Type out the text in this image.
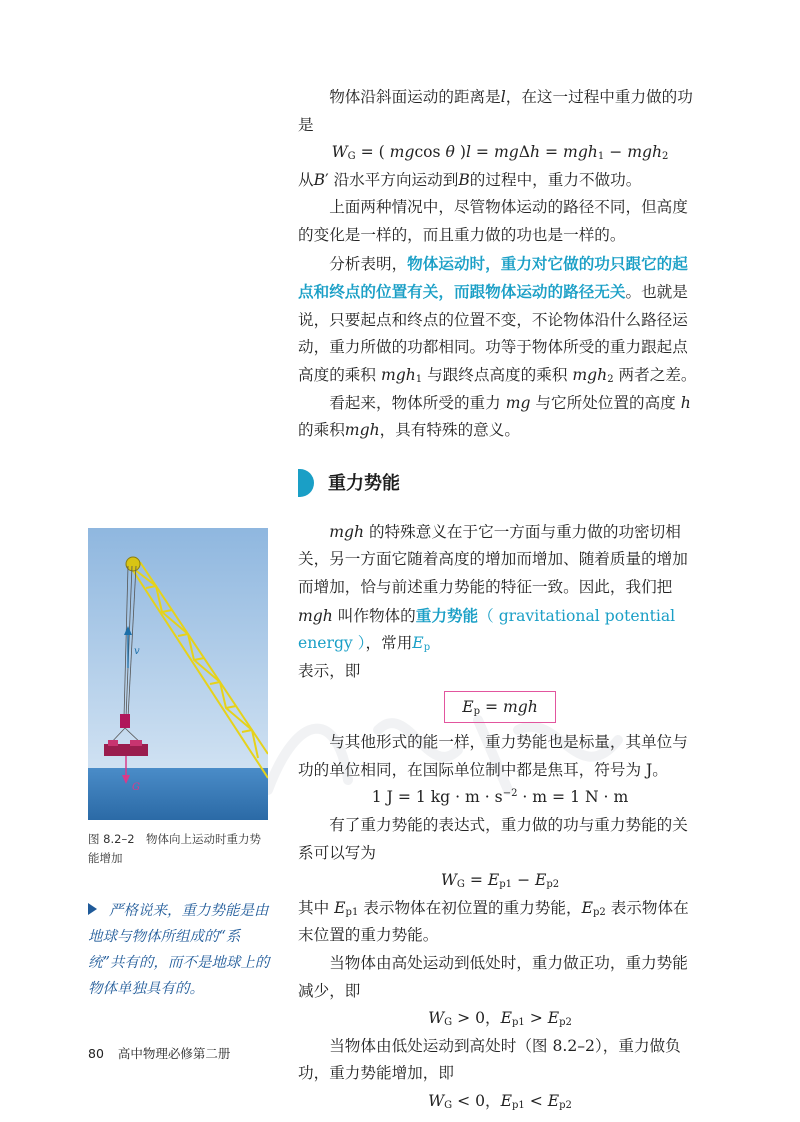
物体沿斜面运动的距离是l，在这一过程中重力做的功是

$W_G$ = ( mgcos θ )l = mgΔh = mgh$_1$ − mgh$_2$

从B′ 沿水平方向运动到B的过程中，重力不做功。

上面两种情况中，尽管物体运动的路径不同，但高度的变化是一样的，而且重力做的功也是一样的。

分析表明，物体运动时，重力对它做的功只跟它的起点和终点的位置有关，而跟物体运动的路径无关。也就是说，只要起点和终点的位置不变，不论物体沿什么路径运动，重力所做的功都相同。功等于物体所受的重力跟起点高度的乘积 mgh$_1$ 与跟终点高度的乘积 mgh$_2$ 两者之差。

看起来，物体所受的重力 mg 与它所处位置的高度 h 的乘积mgh，具有特殊的意义。

重力势能

mgh 的特殊意义在于它一方面与重力做的功密切相关，另一方面它随着高度的增加而增加、随着质量的增加而增加，恰与前述重力势能的特征一致。因此，我们把 mgh 叫作物体的重力势能（ gravitational potential energy ），常用$E_p$
表示，即

$E_p$ = mgh

与其他形式的能一样，重力势能也是标量，其单位与功的单位相同，在国际单位制中都是焦耳，符号为 J。

1 J = 1 kg · $m \cdot s^{-2} \cdot m = 1$ N · m

有了重力势能的表达式，重力做的功与重力势能的关系可以写为

$W_G = E_{p1} - E_{p2}$

其中 $E_{p1}$ 表示物体在初位置的重力势能，$E_{p2}$ 表示物体在末位置的重力势能。

当物体由高处运动到低处时，重力做正功，重力势能减少，即

$W_G > 0$，$E_{p1} > E_{p2}$

当物体由低处运动到高处时（图 8.2–2），重力做负功，重力势能增加，即

$W_G < 0$，$E_{p1} < E_{p2}$

v
G
图 8.2–2　物体向上运动时重力势能增加
严格说来，重力势能是由地球与物体所组成的“系统”共有的，而不是地球上的物体单独具有的。
80 高中物理必修第二册
